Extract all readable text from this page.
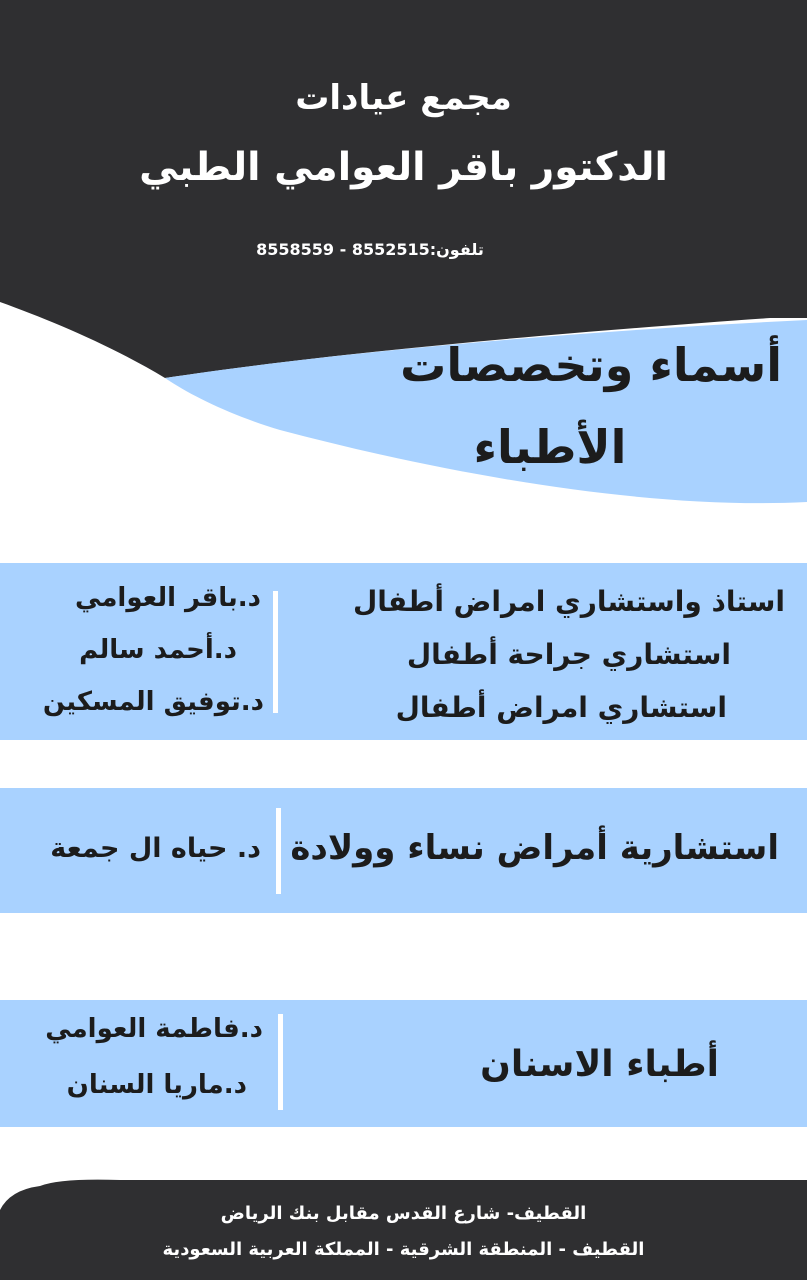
مجمع عيادات
الدكتور باقر العوامي الطبي
تلفون:8552515 - 8558559
أسماء وتخصصات
الأطباء
استاذ واستشاري امراض أطفال
استشاري جراحة أطفال
استشاري امراض أطفال
د.باقر العوامي
د.أحمد سالم
د.توفيق المسكين
استشارية أمراض نساء وولادة
د. حياه ال جمعة
أطباء الاسنان
د.فاطمة العوامي
د.ماريا السنان
القطيف- شارع القدس مقابل بنك الرياض
القطيف - المنطقة الشرقية - المملكة العربية السعودية
